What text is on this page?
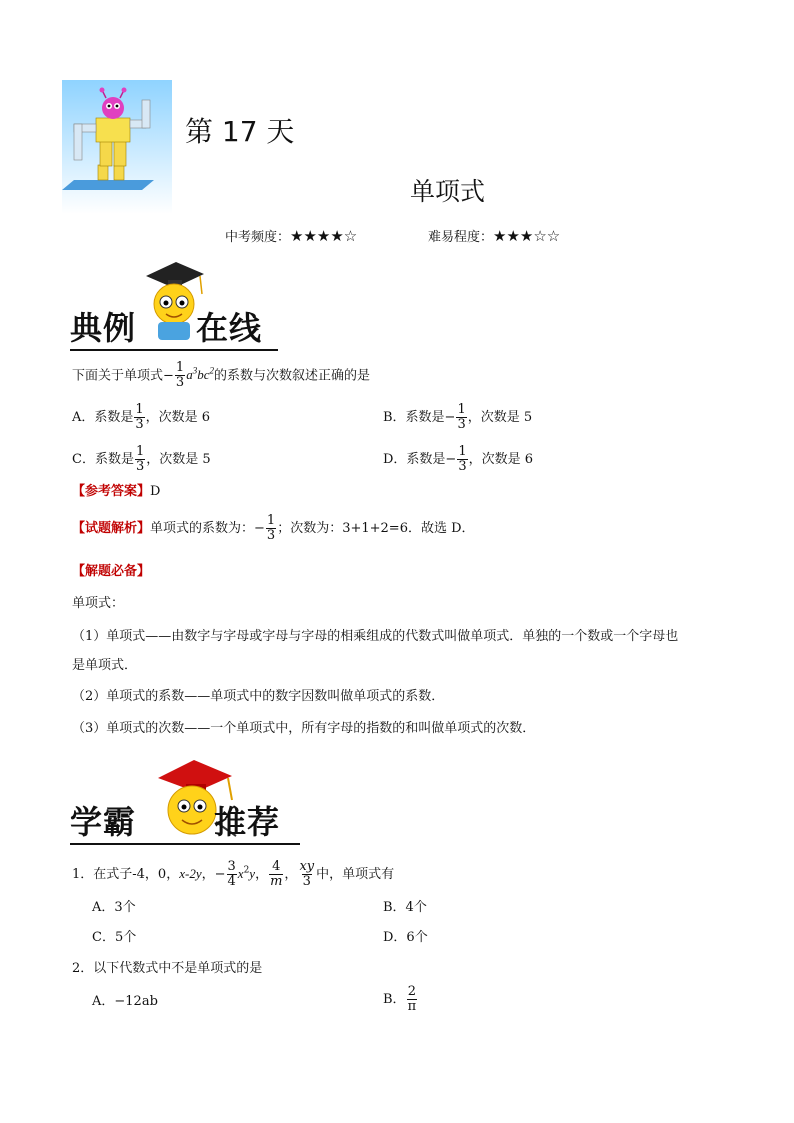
第 17 天
单项式
中考频度：★★★★☆	难易程度：★★★☆☆
典例 在线
下面关于单项式− $\frac{1}{3} a^3bc^2$的系数与次数叙述正确的是
A．系数是 $\frac{1}{3}$ ，次数是 6	B．系数是− $\frac{1}{3}$ ，次数是 5
C．系数是 $\frac{1}{3}$ ，次数是 5	D．系数是− $\frac{1}{3}$ ，次数是 6
【参考答案】D
【试题解析】单项式的系数为：− $\frac{1}{3}$ ；次数为：3+1+2=6．故选 D．
【解题必备】
单项式：
（1）单项式——由数字与字母或字母与字母的相乘组成的代数式叫做单项式．单独的一个数或一个字母也
是单项式．
（2）单项式的系数——单项式中的数字因数叫做单项式的系数．
（3）单项式的次数——一个单项式中，所有字母的指数的和叫做单项式的次数．
学霸 推荐
1．在式子-4，0，x-2y，− $\frac{3}{4} x^2y$， $\frac{4}{m}$ ， $\frac{xy}{3}$ 中，单项式有
A．3个	B．4个
C．5个	D．6个
2．以下代数式中不是单项式的是
A．−12ab	B． $\frac{2}{\pi}$
